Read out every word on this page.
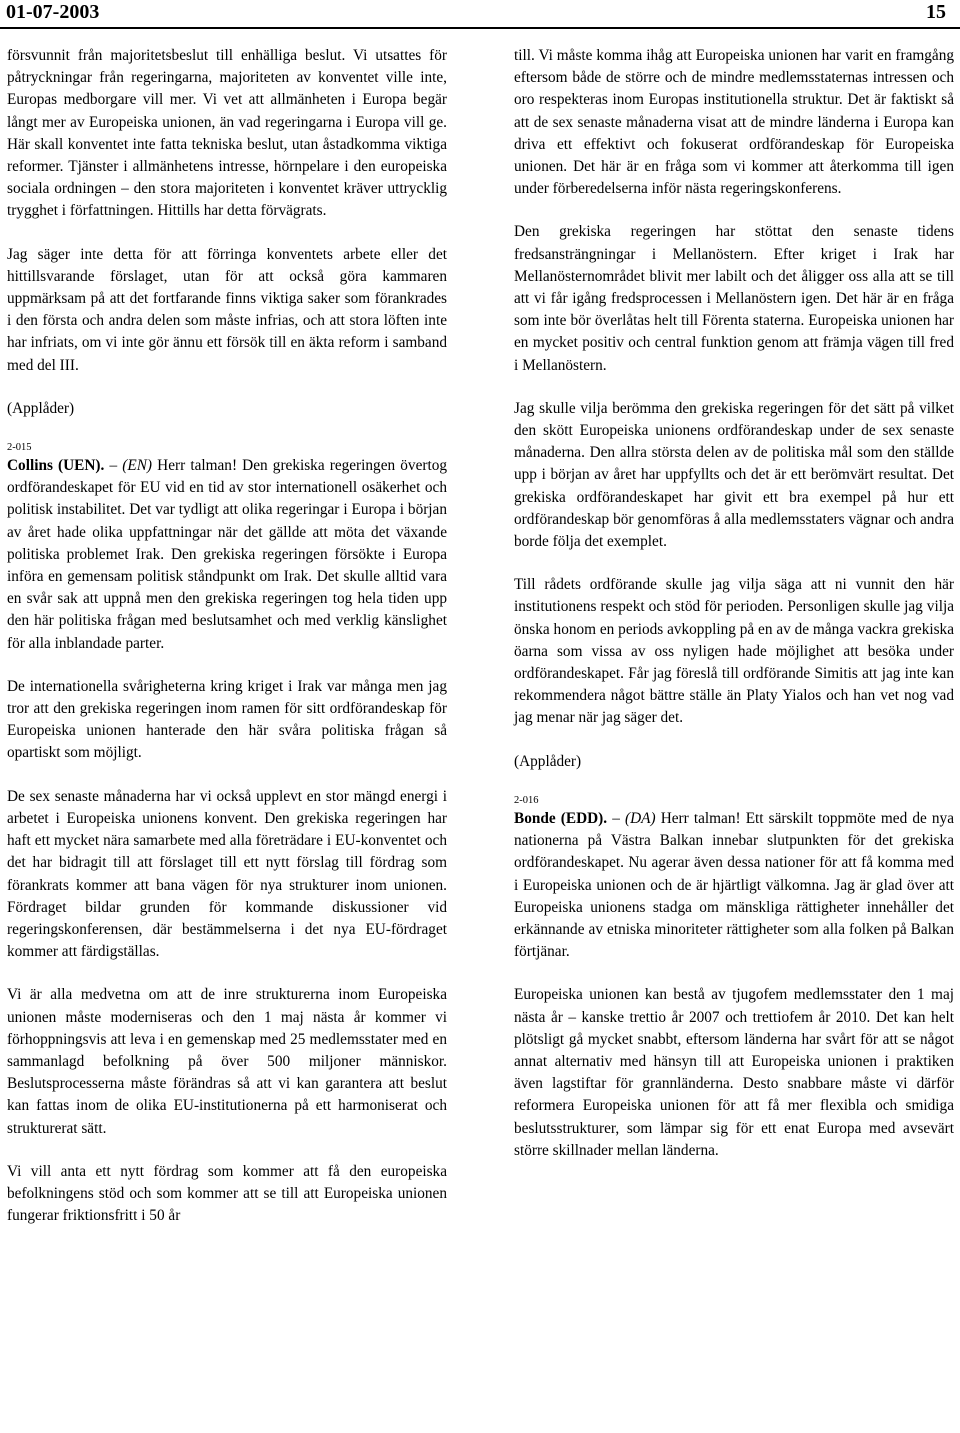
01-07-2003	15

försvunnit från majoritetsbeslut till enhälliga beslut. Vi utsattes för påtryckningar från regeringarna, majoriteten av konventet ville inte, Europas medborgare vill mer. Vi vet att allmänheten i Europa begär långt mer av Europeiska unionen, än vad regeringarna i Europa vill ge. Här skall konventet inte fatta tekniska beslut, utan åstadkomma viktiga reformer. Tjänster i allmänhetens intresse, hörnpelare i den europeiska sociala ordningen – den stora majoriteten i konventet kräver uttrycklig trygghet i författningen. Hittills har detta förvägrats.

Jag säger inte detta för att förringa konventets arbete eller det hittillsvarande förslaget, utan för att också göra kammaren uppmärksam på att det fortfarande finns viktiga saker som förankrades i den första och andra delen som måste infrias, och att stora löften inte har infriats, om vi inte gör ännu ett försök till en äkta reform i samband med del III.

(Applåder)

2-015
Collins (UEN). – (EN) Herr talman! Den grekiska regeringen övertog ordförandeskapet för EU vid en tid av stor internationell osäkerhet och politisk instabilitet. Det var tydligt att olika regeringar i Europa i början av året hade olika uppfattningar när det gällde att möta det växande politiska problemet Irak. Den grekiska regeringen försökte i Europa införa en gemensam politisk ståndpunkt om Irak. Det skulle alltid vara en svår sak att uppnå men den grekiska regeringen tog hela tiden upp den här politiska frågan med beslutsamhet och med verklig känslighet för alla inblandade parter.

De internationella svårigheterna kring kriget i Irak var många men jag tror att den grekiska regeringen inom ramen för sitt ordförandeskap för Europeiska unionen hanterade den här svåra politiska frågan så opartiskt som möjligt.

De sex senaste månaderna har vi också upplevt en stor mängd energi i arbetet i Europeiska unionens konvent. Den grekiska regeringen har haft ett mycket nära samarbete med alla företrädare i EU-konventet och det har bidragit till att förslaget till ett nytt förslag till fördrag som förankrats kommer att bana vägen för nya strukturer inom unionen. Fördraget bildar grunden för kommande diskussioner vid regeringskonferensen, där bestämmelserna i det nya EU-fördraget kommer att färdigställas.

Vi är alla medvetna om att de inre strukturerna inom Europeiska unionen måste moderniseras och den 1 maj nästa år kommer vi förhoppningsvis att leva i en gemenskap med 25 medlemsstater med en sammanlagd befolkning på över 500 miljoner människor. Beslutsprocesserna måste förändras så att vi kan garantera att beslut kan fattas inom de olika EU-institutionerna på ett harmoniserat och strukturerat sätt.

Vi vill anta ett nytt fördrag som kommer att få den europeiska befolkningens stöd och som kommer att se till att Europeiska unionen fungerar friktionsfritt i 50 år

till. Vi måste komma ihåg att Europeiska unionen har varit en framgång eftersom både de större och de mindre medlemsstaternas intressen och oro respekteras inom Europas institutionella struktur. Det är faktiskt så att de sex senaste månaderna visat att de mindre länderna i Europa kan driva ett effektivt och fokuserat ordförandeskap för Europeiska unionen. Det här är en fråga som vi kommer att återkomma till igen under förberedelserna inför nästa regeringskonferens.

Den grekiska regeringen har stöttat den senaste tidens fredsansträngningar i Mellanöstern. Efter kriget i Irak har Mellanösternområdet blivit mer labilt och det åligger oss alla att se till att vi får igång fredsprocessen i Mellanöstern igen. Det här är en fråga som inte bör överlåtas helt till Förenta staterna. Europeiska unionen har en mycket positiv och central funktion genom att främja vägen till fred i Mellanöstern.

Jag skulle vilja berömma den grekiska regeringen för det sätt på vilket den skött Europeiska unionens ordförandeskap under de sex senaste månaderna. Den allra största delen av de politiska mål som den ställde upp i början av året har uppfyllts och det är ett berömvärt resultat. Det grekiska ordförandeskapet har givit ett bra exempel på hur ett ordförandeskap bör genomföras å alla medlemsstaters vägnar och andra borde följa det exemplet.

Till rådets ordförande skulle jag vilja säga att ni vunnit den här institutionens respekt och stöd för perioden. Personligen skulle jag vilja önska honom en periods avkoppling på en av de många vackra grekiska öarna som vissa av oss nyligen hade möjlighet att besöka under ordförandeskapet. Får jag föreslå till ordförande Simitis att jag inte kan rekommendera något bättre ställe än Platy Yialos och han vet nog vad jag menar när jag säger det.

(Applåder)

2-016
Bonde (EDD). – (DA) Herr talman! Ett särskilt toppmöte med de nya nationerna på Västra Balkan innebar slutpunkten för det grekiska ordförandeskapet. Nu agerar även dessa nationer för att få komma med i Europeiska unionen och de är hjärtligt välkomna. Jag är glad över att Europeiska unionens stadga om mänskliga rättigheter innehåller det erkännande av etniska minoriteter rättigheter som alla folken på Balkan förtjänar.

Europeiska unionen kan bestå av tjugofem medlemsstater den 1 maj nästa år – kanske trettio år 2007 och trettiofem år 2010. Det kan helt plötsligt gå mycket snabbt, eftersom länderna har svårt för att se något annat alternativ med hänsyn till att Europeiska unionen i praktiken även lagstiftar för grannländerna. Desto snabbare måste vi därför reformera Europeiska unionen för att få mer flexibla och smidiga beslutsstrukturer, som lämpar sig för ett enat Europa med avsevärt större skillnader mellan länderna.
